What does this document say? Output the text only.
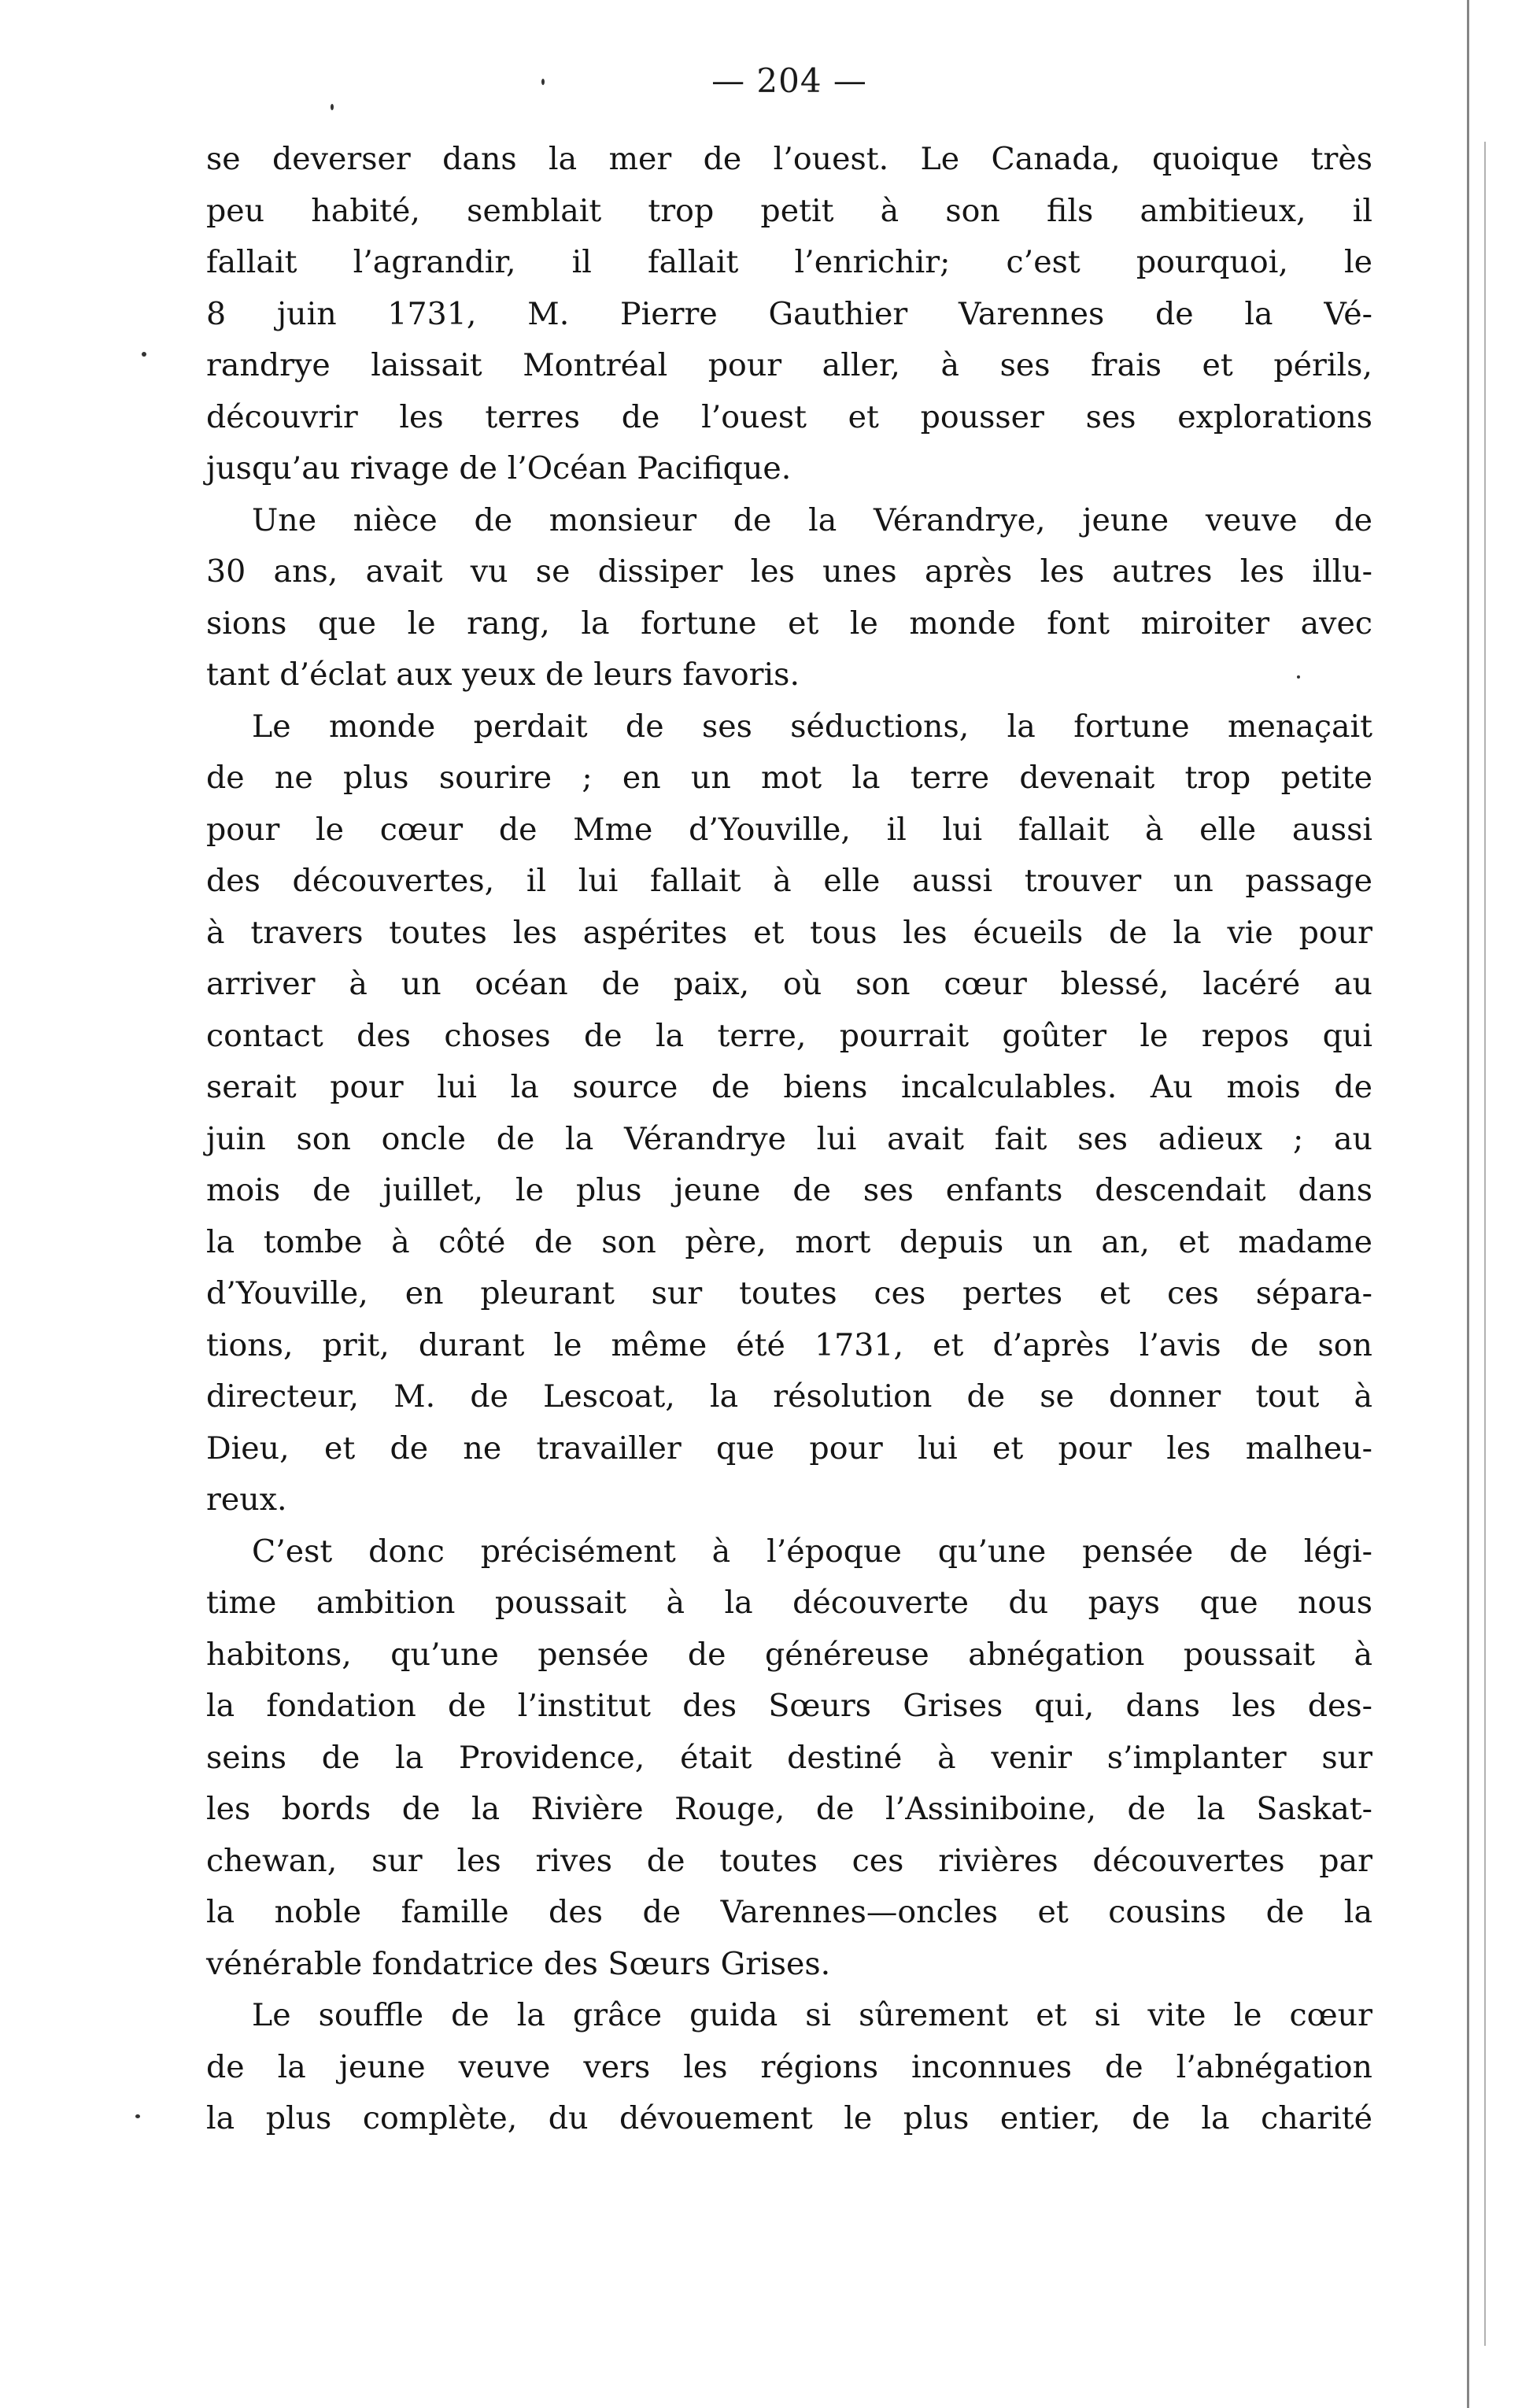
— 204 —
se deverser dans la mer de l’ouest. Le Canada, quoique très
peu habité, semblait trop petit à son fils ambitieux, il
fallait l’agrandir, il fallait l’enrichir; c’est pourquoi, le
8 juin 1731, M. Pierre Gauthier Varennes de la Vé-
randrye laissait Montréal pour aller, à ses frais et périls,
découvrir les terres de l’ouest et pousser ses explorations
jusqu’au rivage de l’Océan Pacifique.
Une nièce de monsieur de la Vérandrye, jeune veuve de
30 ans, avait vu se dissiper les unes après les autres les illu-
sions que le rang, la fortune et le monde font miroiter avec
tant d’éclat aux yeux de leurs favoris.
Le monde perdait de ses séductions, la fortune menaçait
de ne plus sourire ; en un mot la terre devenait trop petite
pour le cœur de Mme d’Youville, il lui fallait à elle aussi
des découvertes, il lui fallait à elle aussi trouver un passage
à travers toutes les aspérites et tous les écueils de la vie pour
arriver à un océan de paix, où son cœur blessé, lacéré au
contact des choses de la terre, pourrait goûter le repos qui
serait pour lui la source de biens incalculables. Au mois de
juin son oncle de la Vérandrye lui avait fait ses adieux ; au
mois de juillet, le plus jeune de ses enfants descendait dans
la tombe à côté de son père, mort depuis un an, et madame
d’Youville, en pleurant sur toutes ces pertes et ces sépara-
tions, prit, durant le même été 1731, et d’après l’avis de son
directeur, M. de Lescoat, la résolution de se donner tout à
Dieu, et de ne travailler que pour lui et pour les malheu-
reux.
C’est donc précisément à l’époque qu’une pensée de légi-
time ambition poussait à la découverte du pays que nous
habitons, qu’une pensée de généreuse abnégation poussait à
la fondation de l’institut des Sœurs Grises qui, dans les des-
seins de la Providence, était destiné à venir s’implanter sur
les bords de la Rivière Rouge, de l’Assiniboine, de la Saskat-
chewan, sur les rives de toutes ces rivières découvertes par
la noble famille des de Varennes—oncles et cousins de la
vénérable fondatrice des Sœurs Grises.
Le souffle de la grâce guida si sûrement et si vite le cœur
de la jeune veuve vers les régions inconnues de l’abnégation
la plus complète, du dévouement le plus entier, de la charité
